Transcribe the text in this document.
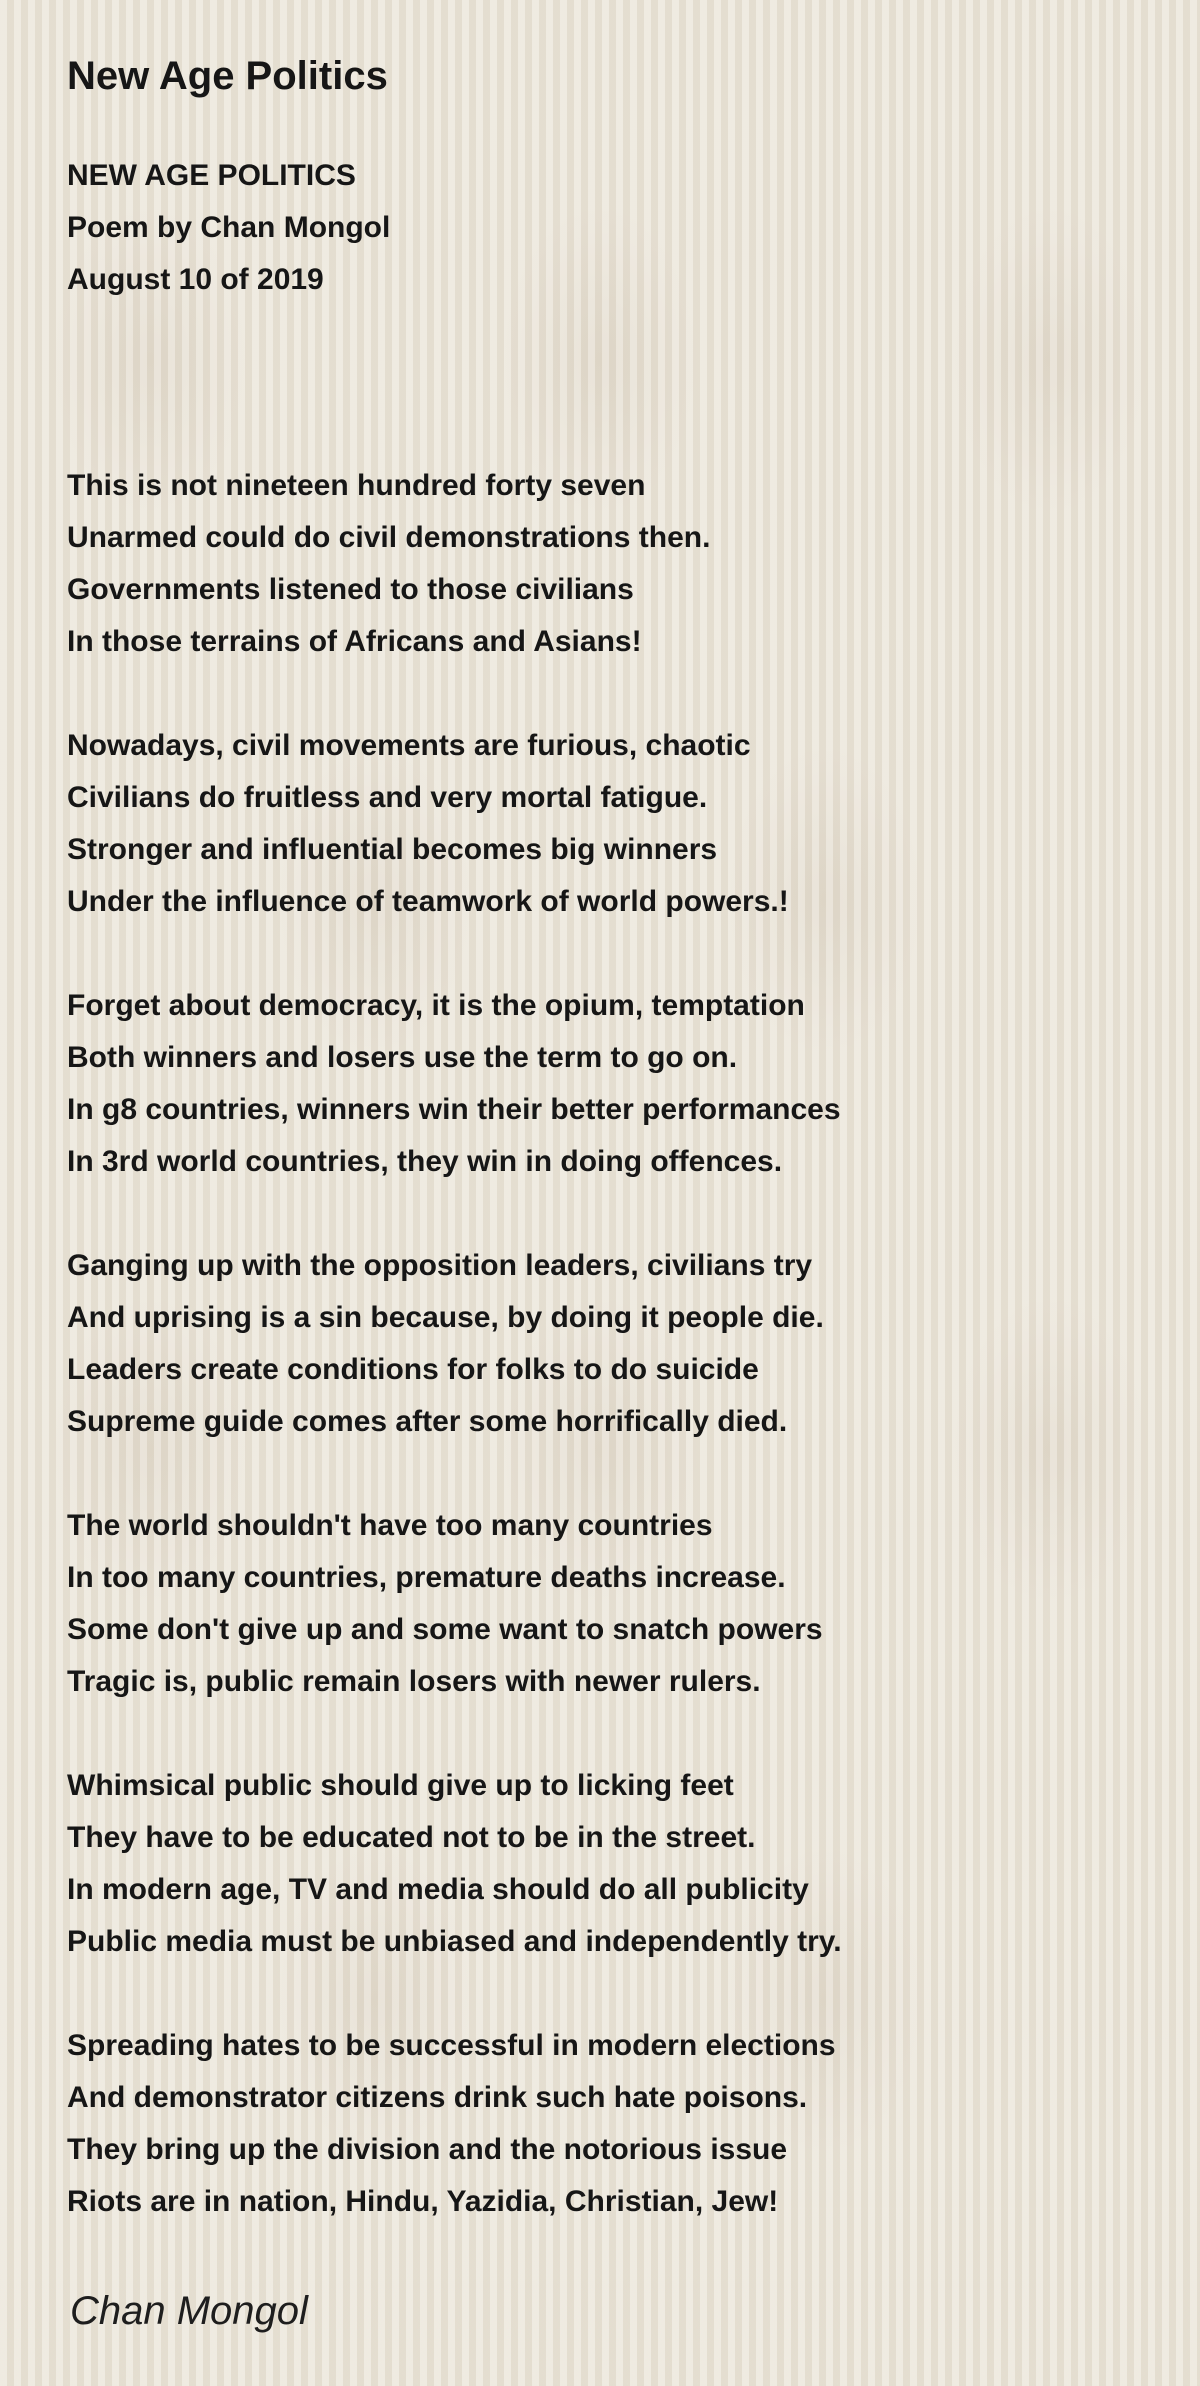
New Age Politics
NEW AGE POLITICS
Poem by Chan Mongol
August 10 of 2019
This is not nineteen hundred forty seven
Unarmed could do civil demonstrations then.
Governments listened to those civilians
In those terrains of Africans and Asians!
Nowadays, civil movements are furious, chaotic
Civilians do fruitless and very mortal fatigue.
Stronger and influential becomes big winners
Under the influence of teamwork of world powers.!
Forget about democracy, it is the opium, temptation
Both winners and losers use the term to go on.
In g8 countries, winners win their better performances
In 3rd world countries, they win in doing offences.
Ganging up with the opposition leaders, civilians try
And uprising is a sin because, by doing it people die.
Leaders create conditions for folks to do suicide
Supreme guide comes after some horrifically died.
The world shouldn't have too many countries
In too many countries, premature deaths increase.
Some don't give up and some want to snatch powers
Tragic is, public remain losers with newer rulers.
Whimsical public should give up to licking feet
They have to be educated not to be in the street.
In modern age, TV and media should do all publicity
Public media must be unbiased and independently try.
Spreading hates to be successful in modern elections
And demonstrator citizens drink such hate poisons.
They bring up the division and the notorious issue
Riots are in nation, Hindu, Yazidia, Christian, Jew!
Chan Mongol
